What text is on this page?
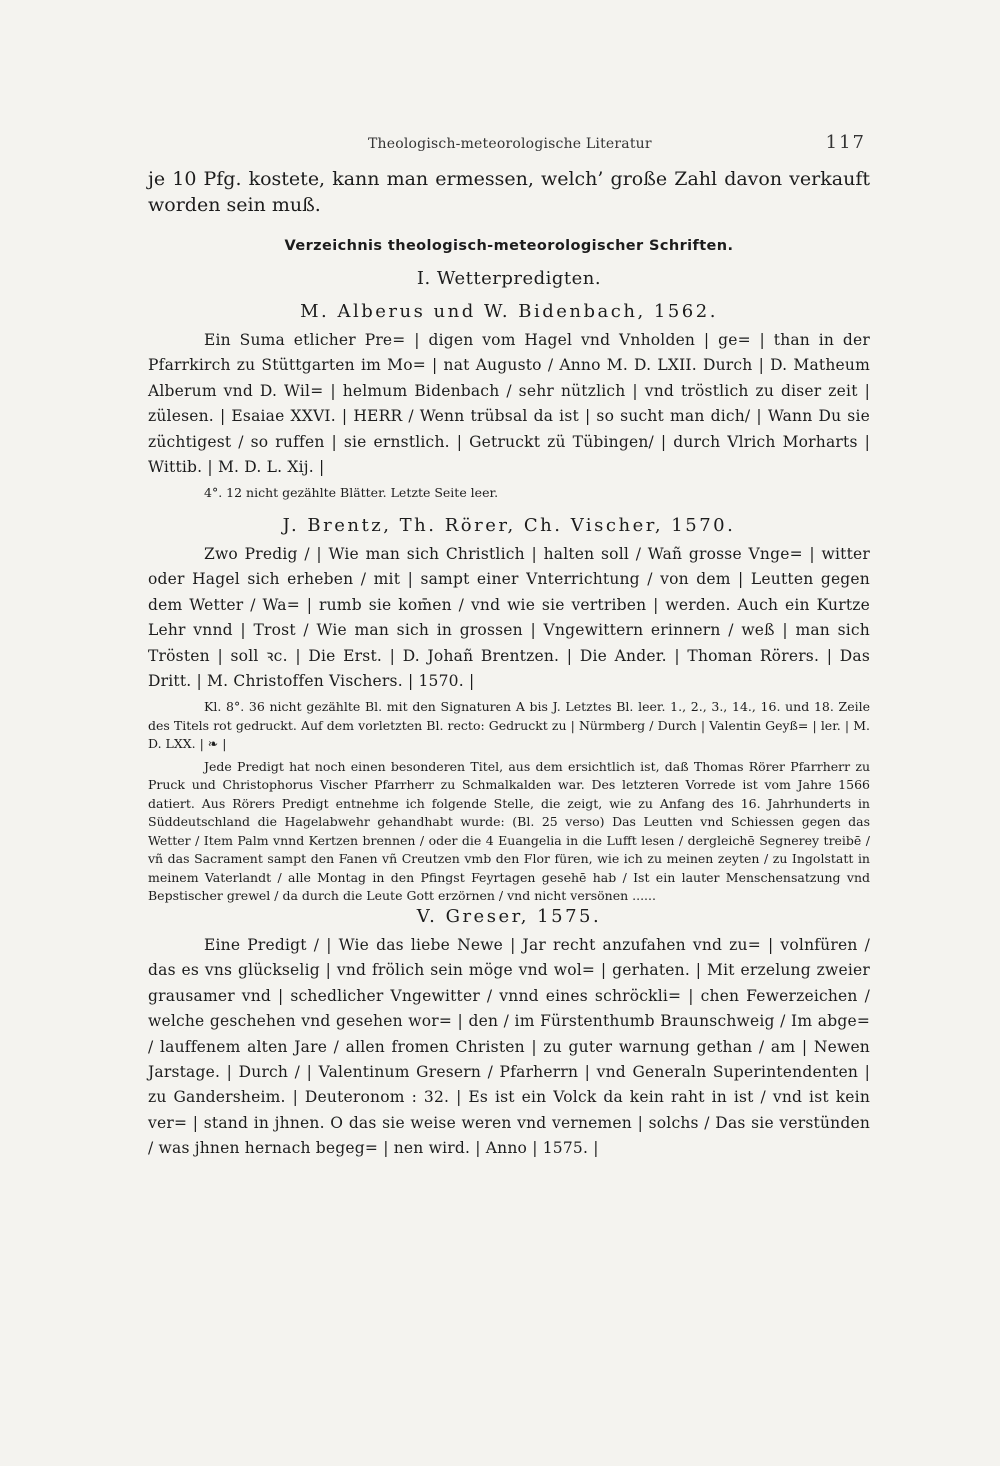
Theologisch-meteorologische Literatur	117

je 10 Pfg. kostete, kann man ermessen, welch’ große Zahl davon verkauft worden sein muß.

Verzeichnis theologisch-meteorologischer Schriften.
I. Wetterpredigten.
M. Alberus und W. Bidenbach, 1562.

Ein Suma etlicher Pre= | digen vom Hagel vnd Vnholden | ge= | than in der Pfarrkirch zu Stüttgarten im Mo= | nat Augusto / Anno M. D. LXII. Durch | D. Matheum Alberum vnd D. Wil= | helmum Bidenbach / sehr nützlich | vnd tröstlich zu diser zeit | zülesen. | Esaiae XXVI. | HERR / Wenn trübsal da ist | so sucht man dich/ | Wann Du sie züchtigest / so ruffen | sie ernstlich. | Getruckt zü Tübingen/ | durch Vlrich Morharts | Wittib. | M. D. L. Xij. |

4°. 12 nicht gezählte Blätter. Letzte Seite leer.

J. Brentz, Th. Rörer, Ch. Vischer, 1570.

Zwo Predig / | Wie man sich Christlich | halten soll / Wañ grosse Vnge= | witter oder Hagel sich erheben / mit | sampt einer Vnterrichtung / von dem | Leutten gegen dem Wetter / Wa= | rumb sie kom̄en / vnd wie sie vertriben | werden. Auch ein Kurtze Lehr vnnd | Trost / Wie man sich in grossen | Vngewittern erinnern / weß | man sich Trösten | soll ꝛc. | Die Erst. | D. Johañ Brentzen. | Die Ander. | Thoman Rörers. | Das Dritt. | M. Christoffen Vischers. | 1570. |

Kl. 8°. 36 nicht gezählte Bl. mit den Signaturen A bis J. Letztes Bl. leer. 1., 2., 3., 14., 16. und 18. Zeile des Titels rot gedruckt. Auf dem vorletzten Bl. recto: Gedruckt zu | Nürmberg / Durch | Valentin Geyß= | ler. | M. D. LXX. | ❧ |

Jede Predigt hat noch einen besonderen Titel, aus dem ersichtlich ist, daß Thomas Rörer Pfarrherr zu Pruck und Christophorus Vischer Pfarrherr zu Schmalkalden war. Des letzteren Vorrede ist vom Jahre 1566 datiert. Aus Rörers Predigt entnehme ich folgende Stelle, die zeigt, wie zu Anfang des 16. Jahrhunderts in Süddeutschland die Hagelabwehr gehandhabt wurde: (Bl. 25 verso) Das Leutten vnd Schiessen gegen das Wetter / Item Palm vnnd Kertzen brennen / oder die 4 Euangelia in die Lufft lesen / dergleichē Segnerey treibē / vñ das Sacrament sampt den Fanen vñ Creutzen vmb den Flor füren, wie ich zu meinen zeyten / zu Ingolstatt in meinem Vaterlandt / alle Montag in den Pfingst Feyrtagen gesehē hab / Ist ein lauter Menschensatzung vnd Bepstischer grewel / da durch die Leute Gott erzörnen / vnd nicht versönen ......

V. Greser, 1575.

Eine Predigt / | Wie das liebe Newe | Jar recht anzufahen vnd zu= | volnfüren / das es vns glückselig | vnd frölich sein möge vnd wol= | gerhaten. | Mit erzelung zweier grausamer vnd | schedlicher Vngewitter / vnnd eines schröckli= | chen Fewerzeichen / welche geschehen vnd gesehen wor= | den / im Fürstenthumb Braunschweig / Im abge= / lauffenem alten Jare / allen fromen Christen | zu guter warnung gethan / am | Newen Jarstage. | Durch / | Valentinum Gresern / Pfarherrn | vnd Generaln Superintendenten | zu Gandersheim. | Deuteronom : 32. | Es ist ein Volck da kein raht in ist / vnd ist kein ver= | stand in jhnen. O das sie weise weren vnd vernemen | solchs / Das sie verstünden / was jhnen hernach begeg= | nen wird. | Anno | 1575. |
